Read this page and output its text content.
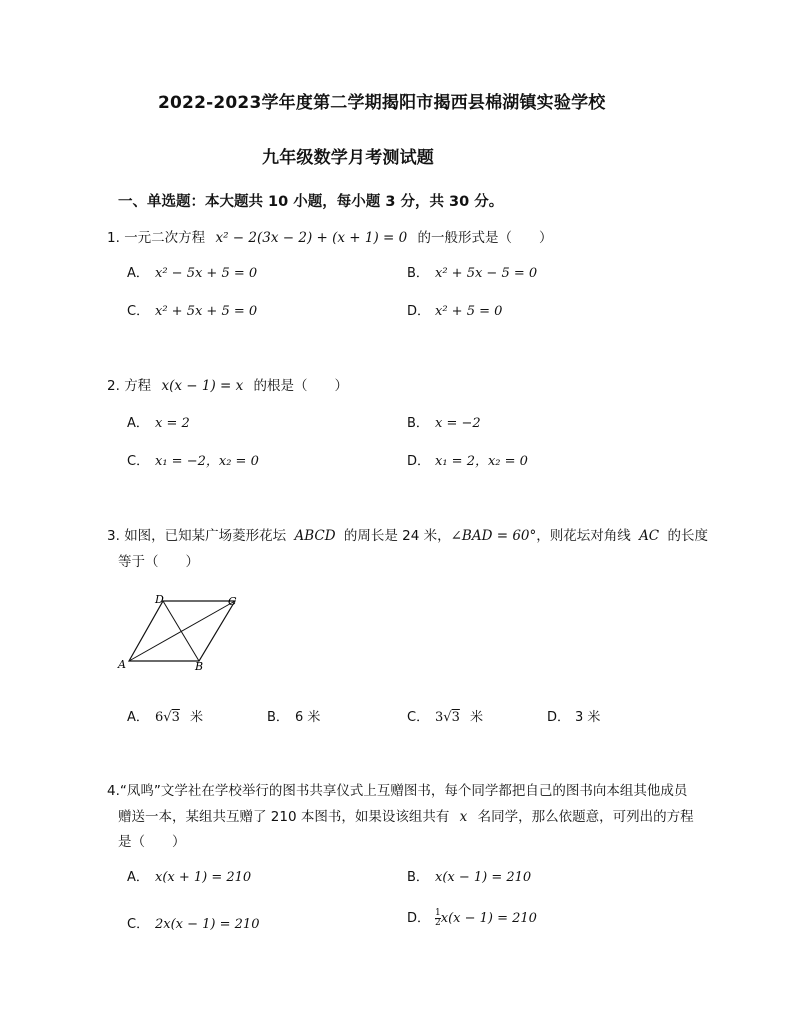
2022-2023学年度第二学期揭阳市揭西县棉湖镇实验学校
九年级数学月考测试题
一、单选题：本大题共 10 小题，每小题 3 分，共 30 分。
1. 一元二次方程 x² − 2(3x − 2) + (x + 1) = 0 的一般形式是（　　）
A． x² − 5x + 5 = 0	B． x² + 5x − 5 = 0
C． x² + 5x + 5 = 0	D． x² + 5 = 0
2. 方程 x(x − 1) = x 的根是（　　）
A． x = 2	B． x = −2
C． x₁ = −2，x₂ = 0	D． x₁ = 2，x₂ = 0
3. 如图，已知某广场菱形花坛 ABCD 的周长是 24 米，∠BAD = 60°，则花坛对角线 AC 的长度
等于（　　）
A	B
C
D
A． 6√3 米	B． 6 米	C． 3√3 米	D． 3 米
4.“凤鸣”文学社在学校举行的图书共享仪式上互赠图书，每个同学都把自己的图书向本组其他成员
赠送一本，某组共互赠了 210 本图书，如果设该组共有 x 名同学，那么依题意，可列出的方程
是（　　）
A． x(x + 1) = 210	B． x(x − 1) = 210
C． 2x(x − 1) = 210	D． $\frac{1}{2} x(x - 1) = 210$
